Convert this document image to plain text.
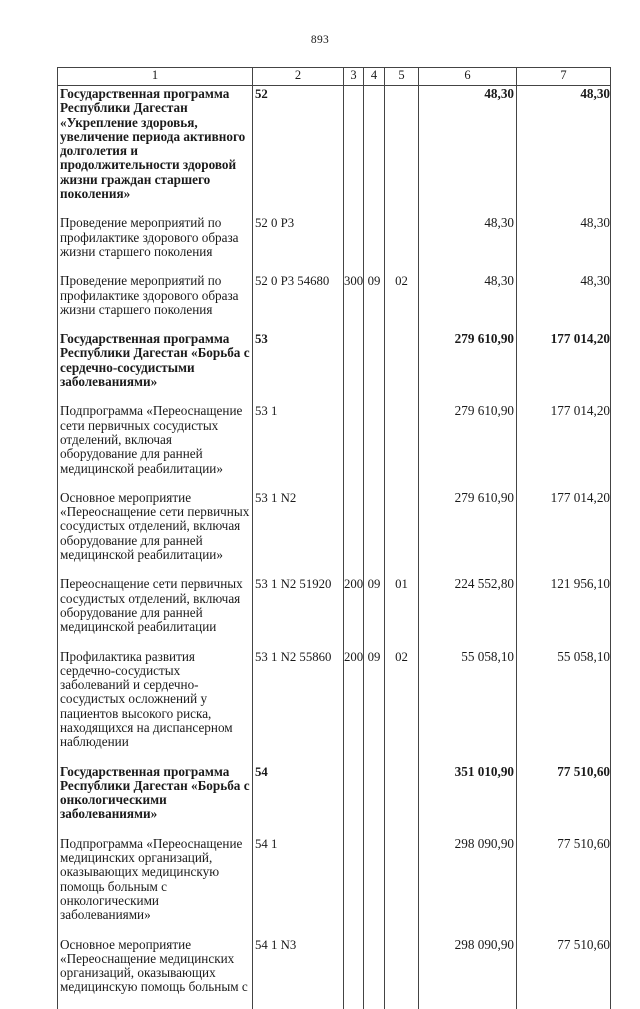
893
1	2	3	4	5	6	7
Государственная программа Республики Дагестан «Укрепление здоровья, увеличение периода активного долголетия и продолжительности здоровой жизни граждан старшего поколения»	52				48,30	48,30
Проведение мероприятий по профилактике здорового образа жизни старшего поколения	52 0 P3				48,30	48,30
Проведение мероприятий по профилактике здорового образа жизни старшего поколения	52 0 P3 54680	300	09	02	48,30	48,30
Государственная программа Республики Дагестан «Борьба с сердечно-сосудистыми заболеваниями»	53				279 610,90	177 014,20
Подпрограмма «Переоснащение сети первичных сосудистых отделений, включая оборудование для ранней медицинской реабилитации»	53 1				279 610,90	177 014,20
Основное мероприятие «Переоснащение сети первичных сосудистых отделений, включая оборудование для ранней медицинской реабилитации»	53 1 N2				279 610,90	177 014,20
Переоснащение сети первичных сосудистых отделений, включая оборудование для ранней медицинской реабилитации	53 1 N2 51920	200	09	01	224 552,80	121 956,10
Профилактика развития сердечно-сосудистых заболеваний и сердечно-сосудистых осложнений у пациентов высокого риска, находящихся на диспансерном наблюдении	53 1 N2 55860	200	09	02	55 058,10	55 058,10
Государственная программа Республики Дагестан «Борьба с онкологическими заболеваниями»	54				351 010,90	77 510,60
Подпрограмма «Переоснащение медицинских организаций, оказывающих медицинскую помощь больным с онкологическими заболеваниями»	54 1				298 090,90	77 510,60
Основное мероприятие «Переоснащение медицинских организаций, оказывающих медицинскую помощь больным с	54 1 N3				298 090,90	77 510,60
